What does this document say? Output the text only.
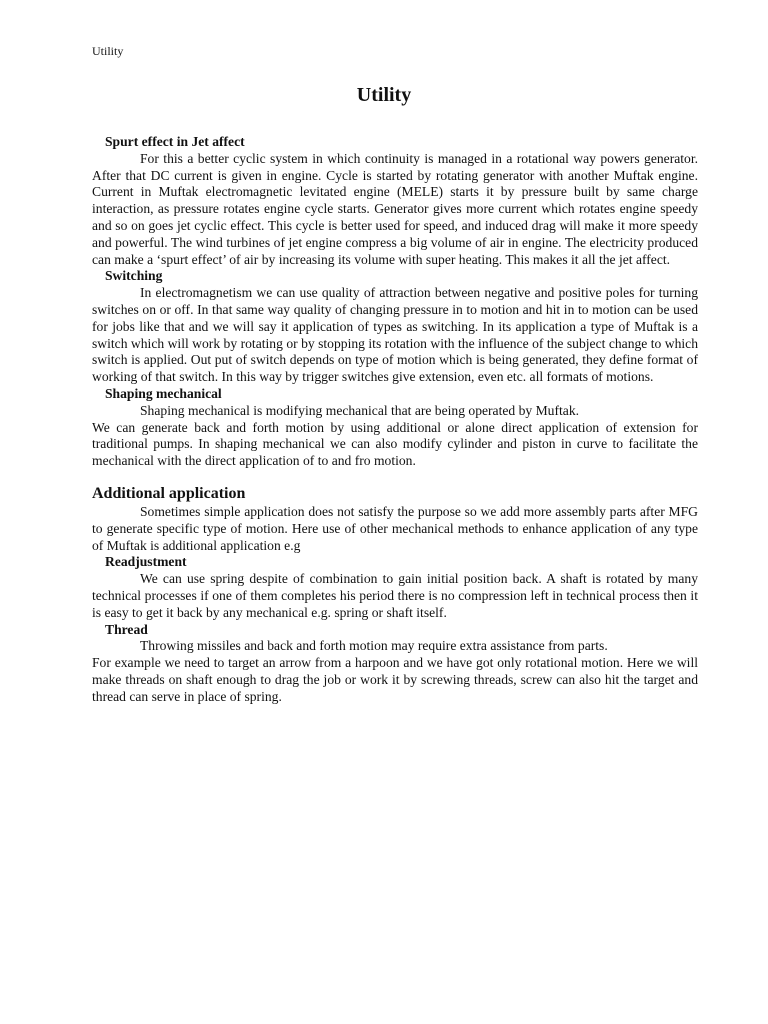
Utility
Utility

Spurt effect in Jet affect

For this a better cyclic system in which continuity is managed in a rotational way powers generator. After that DC current is given in engine. Cycle is started by rotating generator with another Muftak engine. Current in Muftak electromagnetic levitated engine (MELE) starts it by pressure built by same charge interaction, as pressure rotates engine cycle starts. Generator gives more current which rotates engine speedy and so on goes jet cyclic effect. This cycle is better used for speed, and induced drag will make it more speedy and powerful. The wind turbines of jet engine compress a big volume of air in engine. The electricity produced can make a ‘spurt effect’ of air by increasing its volume with super heating. This makes it all the jet affect.

Switching

In electromagnetism we can use quality of attraction between negative and positive poles for turning switches on or off. In that same way quality of changing pressure in to motion and hit in to motion can be used for jobs like that and we will say it application of types as switching. In its application a type of Muftak is a switch which will work by rotating or by stopping its rotation with the influence of the subject change to which switch is applied. Out put of switch depends on type of motion which is being generated, they define format of working of that switch. In this way by trigger switches give extension, even etc. all formats of motions.

Shaping mechanical

Shaping mechanical is modifying mechanical that are being operated by Muftak.

We can generate back and forth motion by using additional or alone direct application of extension for traditional pumps. In shaping mechanical we can also modify cylinder and piston in curve to facilitate the mechanical with the direct application of to and fro motion.

Additional application

Sometimes simple application does not satisfy the purpose so we add more assembly parts after MFG to generate specific type of motion. Here use of other mechanical methods to enhance application of any type of Muftak is additional application e.g

Readjustment

We can use spring despite of combination to gain initial position back. A shaft is rotated by many technical processes if one of them completes his period there is no compression left in technical process then it is easy to get it back by any mechanical e.g. spring or shaft itself.

Thread

Throwing missiles and back and forth motion may require extra assistance from parts.

For example we need to target an arrow from a harpoon and we have got only rotational motion. Here we will make threads on shaft enough to drag the job or work it by screwing threads, screw can also hit the target and thread can serve in place of spring.
